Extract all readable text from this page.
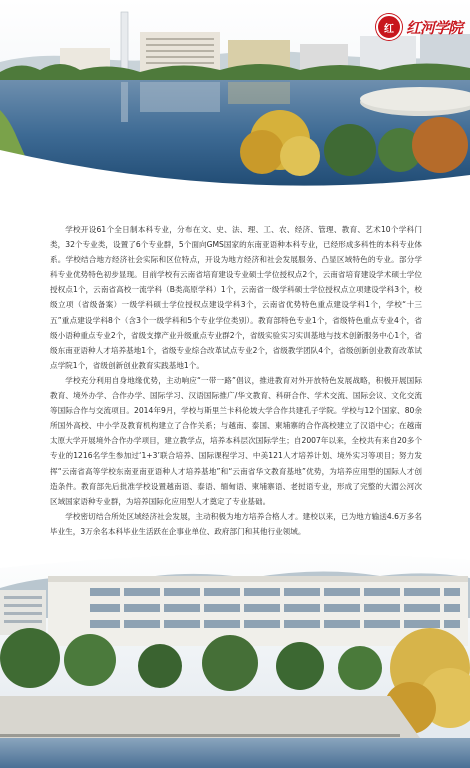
红 红河学院

学校开设61个全日制本科专业，分布在文、史、法、理、工、农、经济、管理、教育、艺术10个学科门类，32个专业类，设置了6个专业群，5个面向GMS国家的东南亚语种本科专业，已经形成多科性的本科专业体系。学校结合地方经济社会实际和区位特点，开设为地方经济和社会发展服务、凸显区域特色的专业。部分学科专业优势特色初步显现。目前学校有云南省培育建设专业硕士学位授权点2个，云南省培育建设学术硕士学位授权点1个，云南省高校一流学科（B类高原学科）1个，云南省一级学科硕士学位授权点立项建设学科3个，校级立项（省级备案）一级学科硕士学位授权点建设学科3个，云南省优势特色重点建设学科1个，学校“十三五”重点建设学科8个（含3个一级学科和5个专业学位类别）。教育部特色专业1个，省级特色重点专业4个，省级小语种重点专业2个，省级支撑产业升级重点专业群2个，省级实验实习实训基地与技术创新服务中心1个，省级东南亚语种人才培养基地1个，省级专业综合改革试点专业2个，省级教学团队4个，省级创新创业教育改革试点学院1个，省级创新创业教育实践基地1个。

学校充分利用自身地缘优势，主动响应“一带一路”倡议，推进教育对外开放特色发展战略，积极开展国际教育、境外办学、合作办学、国际学习、汉语国际推广/华文教育、科研合作、学术交流、国际会议、文化交流等国际合作与交流项目。2014年9月，学校与斯里兰卡科伦坡大学合作共建孔子学院。学校与12个国家、80余所国外高校、中小学及教育机构建立了合作关系；与越南、泰国、柬埔寨的合作高校建立了汉语中心；在越南太原大学开展境外合作办学项目，建立教学点，培养本科层次国际学生；自2007年以来，全校共有来自20多个专业的1216名学生参加过‘1+3’联合培养、国际课程学习、中美121人才培养计划、境外实习等项目；努力发挥“云南省高等学校东南亚南亚语种人才培养基地”和“云南省华文教育基地”优势，为培养应用型的国际人才创造条件。教育部先后批准学校设置越南语、泰语、缅甸语、柬埔寨语、老挝语专业，形成了完整的大湄公河次区域国家语种专业群，为培养国际化应用型人才奠定了专业基础。

学校密切结合所处区域经济社会发展，主动积极为地方培养合格人才。建校以来，已为地方输送4.6万多名毕业生，3万余名本科毕业生活跃在企事业单位、政府部门和其他行业领域。
